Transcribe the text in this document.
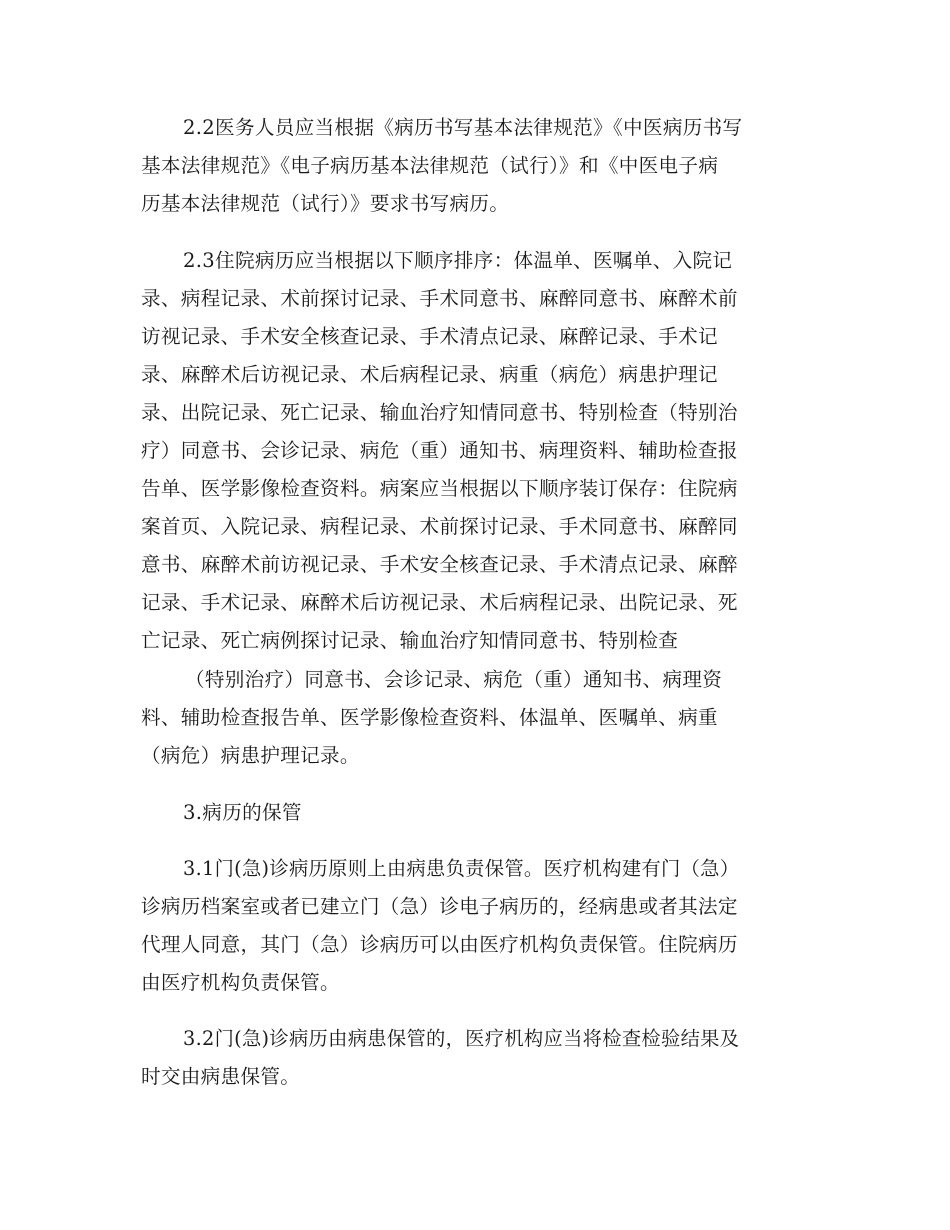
2.2医务人员应当根据《病历书写基本法律规范》《中医病历书写
基本法律规范》《电子病历基本法律规范（试行）》和《中医电子病
历基本法律规范（试行）》要求书写病历。
2.3住院病历应当根据以下顺序排序：体温单、医嘱单、入院记
录、病程记录、术前探讨记录、手术同意书、麻醉同意书、麻醉术前
访视记录、手术安全核查记录、手术清点记录、麻醉记录、手术记
录、麻醉术后访视记录、术后病程记录、病重（病危）病患护理记
录、出院记录、死亡记录、输血治疗知情同意书、特别检查（特别治
疗）同意书、会诊记录、病危（重）通知书、病理资料、辅助检查报
告单、医学影像检查资料。病案应当根据以下顺序装订保存：住院病
案首页、入院记录、病程记录、术前探讨记录、手术同意书、麻醉同
意书、麻醉术前访视记录、手术安全核查记录、手术清点记录、麻醉
记录、手术记录、麻醉术后访视记录、术后病程记录、出院记录、死
亡记录、死亡病例探讨记录、输血治疗知情同意书、特别检查
（特别治疗）同意书、会诊记录、病危（重）通知书、病理资
料、辅助检查报告单、医学影像检查资料、体温单、医嘱单、病重
（病危）病患护理记录。
3.病历的保管
3.1门(急)诊病历原则上由病患负责保管。医疗机构建有门（急）
诊病历档案室或者已建立门（急）诊电子病历的，经病患或者其法定
代理人同意，其门（急）诊病历可以由医疗机构负责保管。住院病历
由医疗机构负责保管。
3.2门(急)诊病历由病患保管的，医疗机构应当将检查检验结果及
时交由病患保管。
